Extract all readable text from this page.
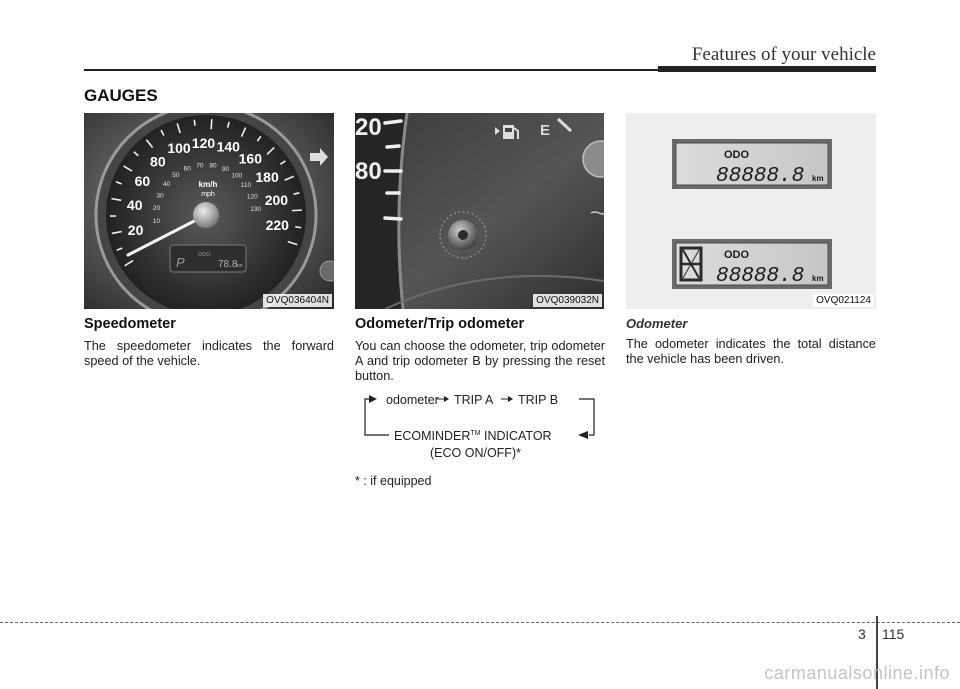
Features of your vehicle
GAUGES
20
40
60
80
100 120 140
160
180
200
220
10
20
30
40
50
60 70 80 90
100
110
120
130
km/h
mph
P ODO
78.8
km
OVQ036404N
20
80
E
OVQ039032N
ODO
88888.8 km
ODO
88888.8 km
OVQ021124
Speedometer

The speedometer indicates the forward speed of the vehicle.

Odometer/Trip odometer

You can choose the odometer, trip odometer A and trip odometer B by pressing the reset button.

odometer TRIP A TRIP B
ECOMINDER™ INDICATOR
(ECO ON/OFF)*
* : if equipped
Odometer

The odometer indicates the total distance the vehicle has been driven.

3 115
carmanualsonline.info
